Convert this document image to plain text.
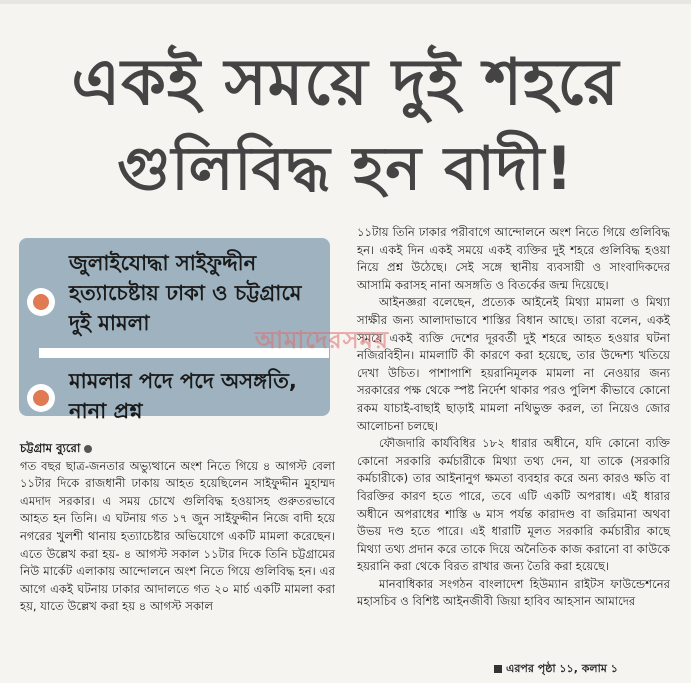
একই সময়ে দুই শহরে
গুলিবিদ্ধ হন বাদী!
জুলাইযোদ্ধা সাইফুদ্দীন হত্যাচেষ্টায় ঢাকা ও চট্টগ্রামে দুই মামলা
মামলার পদে পদে অসঙ্গতি, নানা প্রশ্ন

চট্টগ্রাম ব্যুরো

গত বছর ছাত্র-জনতার অভ্যুত্থানে অংশ নিতে গিয়ে ৪ আগস্ট বেলা ১১টার দিকে রাজধানী ঢাকায় আহত হয়েছিলেন সাইফুদ্দীন মুহাম্মদ এমদাদ সরকার। এ সময় চোখে গুলিবিদ্ধ হওয়াসহ গুরুতরভাবে আহত হন তিনি। এ ঘটনায় গত ১৭ জুন সাইফুদ্দীন নিজে বাদী হয়ে নগরের খুলশী থানায় হত্যাচেষ্টার অভিযোগে একটি মামলা করেছেন। এতে উল্লেখ করা হয়- ৪ আগস্ট সকাল ১১টার দিকে তিনি চট্টগ্রামের নিউ মার্কেট এলাকায় আন্দোলনে অংশ নিতে গিয়ে গুলিবিদ্ধ হন। এর আগে একই ঘটনায় ঢাকার আদালতে গত ২০ মার্চ একটি মামলা করা হয়, যাতে উল্লেখ করা হয় ৪ আগস্ট সকাল

১১টায় তিনি ঢাকার পরীবাগে আন্দোলনে অংশ নিতে গিয়ে গুলিবিদ্ধ হন। একই দিন একই সময়ে একই ব্যক্তির দুই শহরে গুলিবিদ্ধ হওয়া নিয়ে প্রশ্ন উঠেছে। সেই সঙ্গে স্থানীয় ব্যবসায়ী ও সাংবাদিকদের আসামি করাসহ নানা অসঙ্গতি ও বিতর্কের জন্ম দিয়েছে।

আইনজ্ঞরা বলেছেন, প্রত্যেক আইনেই মিথ্যা মামলা ও মিথ্যা সাক্ষীর জন্য আলাদাভাবে শাস্তির বিধান আছে। তারা বলেন, একই সময়ে একই ব্যক্তি দেশের দূরবর্তী দুই শহরে আহত হওয়ার ঘটনা নজিরবিহীন। মামলাটি কী কারণে করা হয়েছে, তার উদ্দেশ্য খতিয়ে দেখা উচিত। পাশাপাশি হয়রানিমূলক মামলা না নেওয়ার জন্য সরকারের পক্ষ থেকে স্পষ্ট নির্দেশ থাকার পরও পুলিশ কীভাবে কোনো রকম যাচাই-বাছাই ছাড়াই মামলা নথিভুক্ত করল, তা নিয়েও জোর আলোচনা চলছে।

ফৌজদারি কার্যবিধির ১৮২ ধারার অধীনে, যদি কোনো ব্যক্তি কোনো সরকারি কর্মচারীকে মিথ্যা তথ্য দেন, যা তাকে (সরকারি কর্মচারীকে) তার আইনানুগ ক্ষমতা ব্যবহার করে অন্য কারও ক্ষতি বা বিরক্তির কারণ হতে পারে, তবে এটি একটি অপরাধ। এই ধারার অধীনে অপরাধের শাস্তি ৬ মাস পর্যন্ত কারাদণ্ড বা জরিমানা অথবা উভয় দণ্ড হতে পারে। এই ধারাটি মূলত সরকারি কর্মচারীর কাছে মিথ্যা তথ্য প্রদান করে তাকে দিয়ে অনৈতিক কাজ করানো বা কাউকে হয়রানি করা থেকে বিরত রাখার জন্য তৈরি করা হয়েছে।

মানবাধিকার সংগঠন বাংলাদেশ হিউম্যান রাইটস ফাউন্ডেশনের মহাসচিব ও বিশিষ্ট আইনজীবী জিয়া হাবিব আহসান আমাদের

এরপর পৃষ্ঠা ১১, কলাম ১
আমাদেরসময়
